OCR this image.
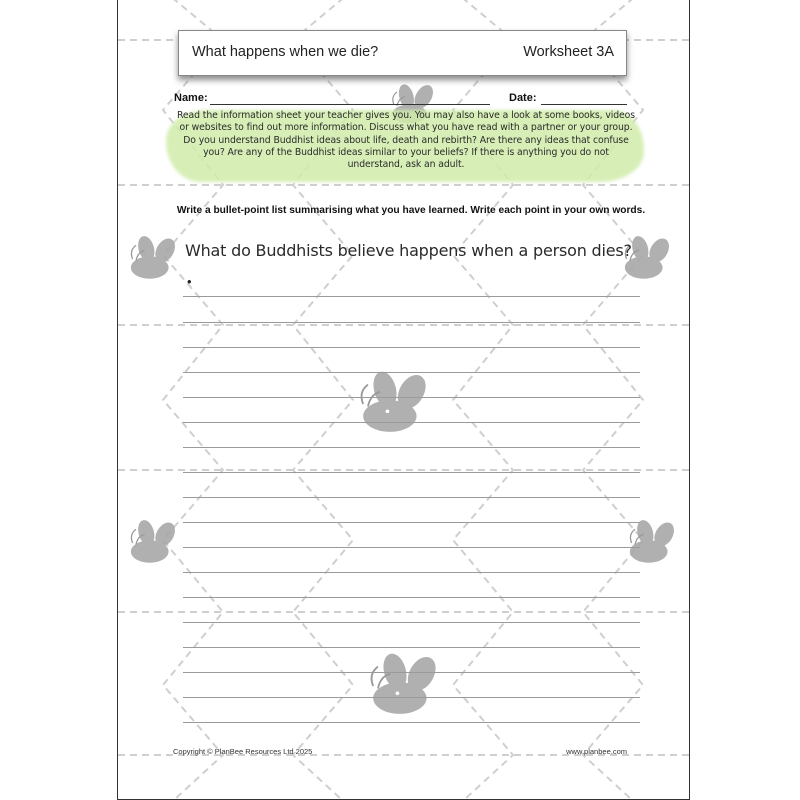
What happens when we die?	Worksheet 3A
Name:	Date:
Read the information sheet your teacher gives you. You may also have a look at some books, videos or websites to find out more information. Discuss what you have read with a partner or your group. Do you understand Buddhist ideas about life, death and rebirth? Are there any ideas that confuse you? Are any of the Buddhist ideas similar to your beliefs? If there is anything you do not understand, ask an adult.
Write a bullet-point list summarising what you have learned. Write each point in your own words.
What do Buddhists believe happens when a person dies?
•
Copyright © PlanBee Resources Ltd 2025	www.planbee.com
